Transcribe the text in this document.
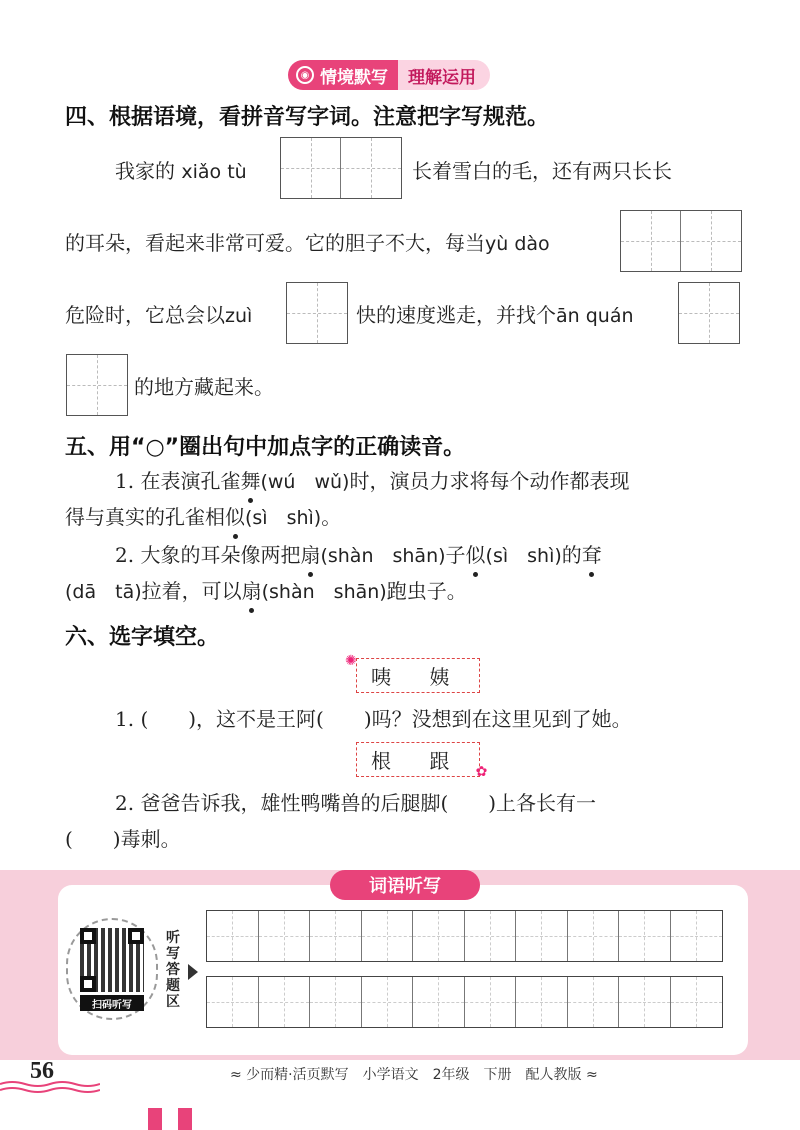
◉ 情境默写	理解运用
四、根据语境，看拼音写字词。注意把字写规范。
我家的 xiǎo tù	长着雪白的毛，还有两只长长
的耳朵，看起来非常可爱。它的胆子不大，每当yù dào
危险时，它总会以zuì	快的速度逃走，并找个ān quán
的地方藏起来。
五、用“○”圈出句中加点字的正确读音。
1. 在表演孔雀舞(wú　wǔ)时，演员力求将每个动作都表现
得与真实的孔雀相似(sì　shì)。
2. 大象的耳朵像两把扇(shàn　shān)子似(sì　shì)的耷
(dā　tā)拉着，可以扇(shàn　shān)跑虫子。
六、选字填空。
✺
咦 姨
1. (　　)，这不是王阿(　　)吗？没想到在这里见到了她。
根 跟 ✿
2. 爸爸告诉我，雄性鸭嘴兽的后腿脚(　　)上各长有一
(　　)毒刺。
词语听写
扫码听写
听写答题区
56	≈ 少而精·活页默写　小学语文　2年级　下册　配人教版 ≈
